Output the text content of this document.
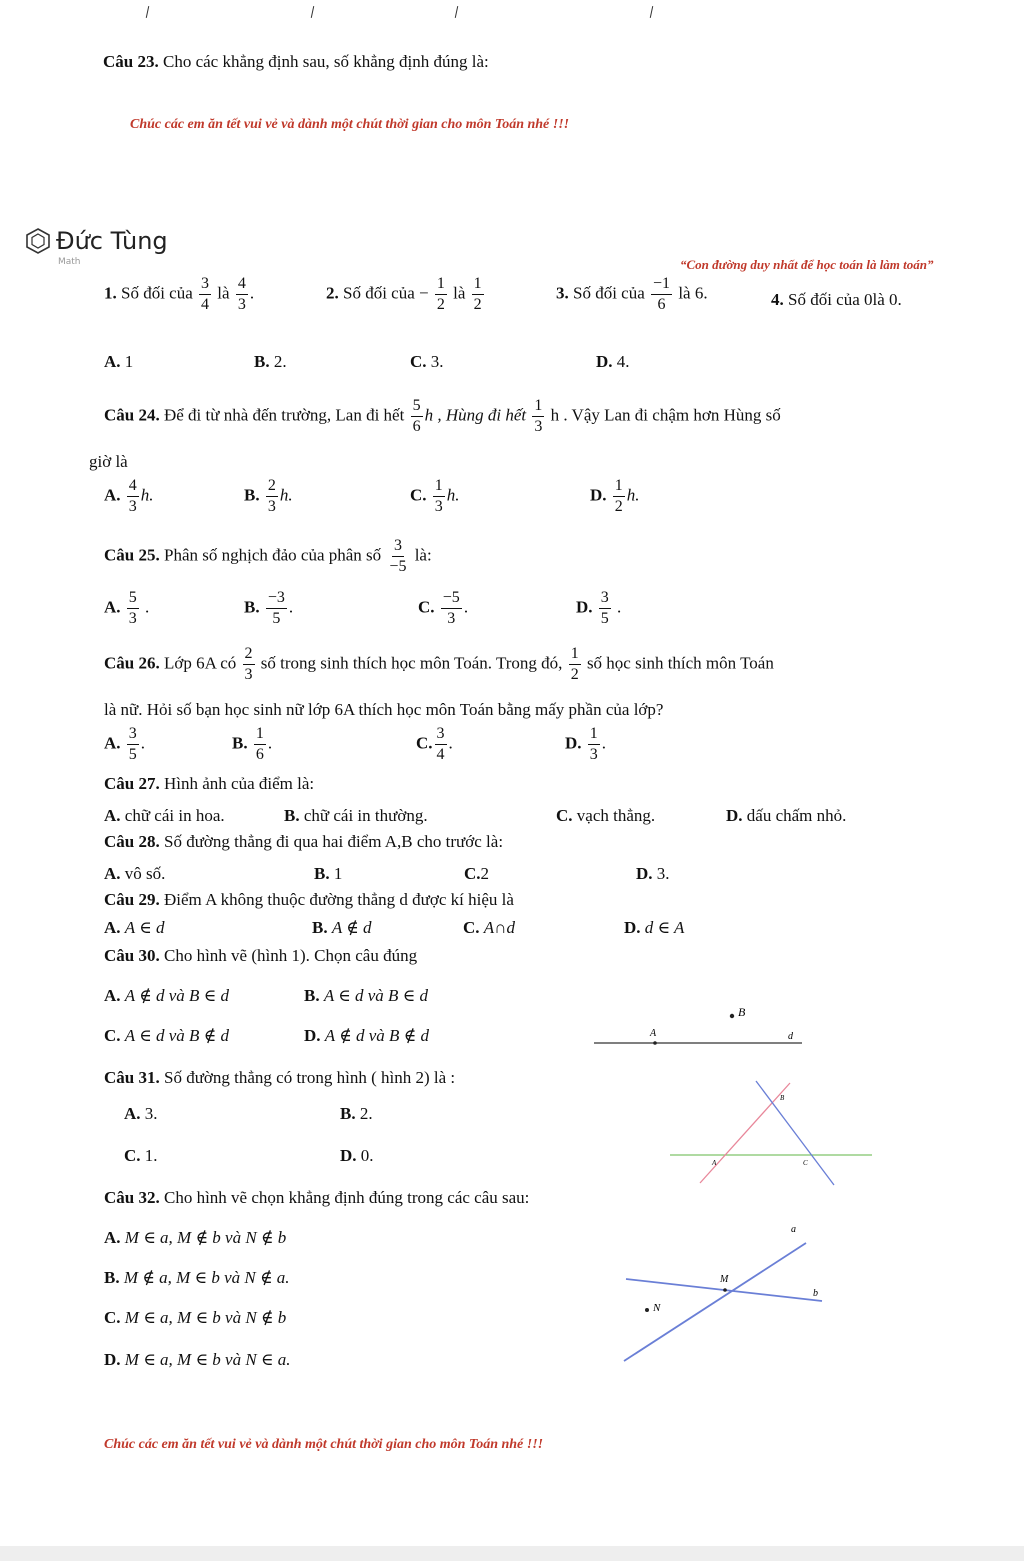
Câu 23. Cho các khẳng định sau, số khẳng định đúng là:
Chúc các em ăn tết vui vẻ và dành một chút thời gian cho môn Toán nhé !!!
Đức Tùng
Math	“Con đường duy nhất để học toán là làm toán”
1. Số đối của $\frac{3}{4}$ là $\frac{4}{3}$ .	2. Số đối của − $\frac{1}{2}$ là $\frac{1}{2}$	3. Số đối của $\frac{-1}{6}$ là 6.	4. Số đối của 0là 0.
A. 1	B. 2.	C. 3.	D. 4.
Câu 24. Để đi từ nhà đến trường, Lan đi hết $\frac{5}{6}$ h , Hùng đi hết $\frac{1}{3}$ h . Vậy Lan đi chậm hơn Hùng số
giờ là
A. $\frac{4}{3} h$.	B. $\frac{2}{3} h$.	C. $\frac{1}{3} h$.	D. $\frac{1}{2} h$.
Câu 25. Phân số nghịch đảo của phân số $\frac{3}{-5}$ là:
A. $\frac{5}{3}$ .	B. $\frac{-3}{5}$ .	C. $\frac{-5}{3}$ .	D. $\frac{3}{5}$ .
Câu 26. Lớp 6A có $\frac{2}{3}$ số trong sinh thích học môn Toán. Trong đó, $\frac{1}{2}$ số học sinh thích môn Toán
là nữ. Hỏi số bạn học sinh nữ lớp 6A thích học môn Toán bằng mấy phần của lớp?
A. $\frac{3}{5}$ .	B. $\frac{1}{6}$ .	C. $\frac{3}{4}$ .	D. $\frac{1}{3}$ .
Câu 27. Hình ảnh của điểm là:
A. chữ cái in hoa.	B. chữ cái in thường.	C. vạch thẳng.	D. dấu chấm nhỏ.
Câu 28. Số đường thẳng đi qua hai điểm A,B cho trước là:
A. vô số.	B. 1	C.2	D. 3.
Câu 29. Điểm A không thuộc đường thẳng d được kí hiệu là
A. A ∈ d	B. A ∉ d	C. A∩d	D. d ∈ A
Câu 30. Cho hình vẽ (hình 1). Chọn câu đúng
A. A ∉ d và B ∈ d	B. A ∈ d và B ∈ d
C. A ∈ d và B ∉ d	D. A ∉ d và B ∉ d
B
A	d
Câu 31. Số đường thẳng có trong hình ( hình 2) là :
A. 3.	B. 2.
C. 1.	D. 0.
B
A	C
Câu 32. Cho hình vẽ chọn khẳng định đúng trong các câu sau:
A. M ∈ a, M ∉ b và N ∉ b
B. M ∉ a, M ∈ b và N ∉ a.
C. M ∈ a, M ∈ b và N ∉ b
D. M ∈ a, M ∈ b và N ∈ a.
a
M
b
N
Chúc các em ăn tết vui vẻ và dành một chút thời gian cho môn Toán nhé !!!
